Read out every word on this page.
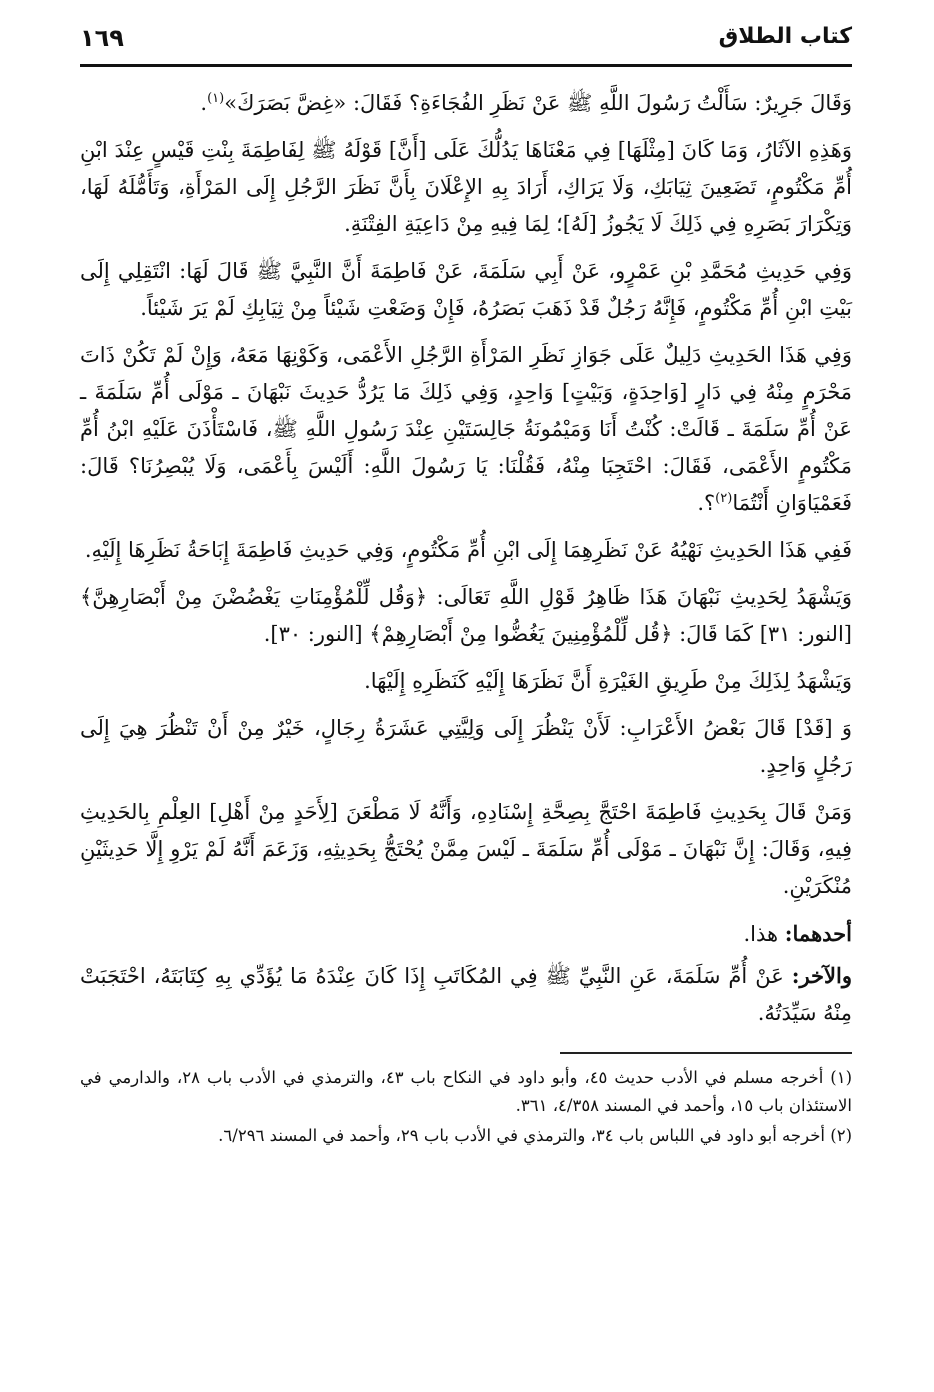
كتاب الطلاق
١٦٩

وَقَالَ جَرِيرٌ: سَأَلْتُ رَسُولَ اللَّهِ ﷺ عَنْ نَظَرِ الفُجَاءَةِ؟ فَقَالَ: «غِضَّ بَصَرَكَ»$^{(١)}$.

وَهَذِهِ الآثَارُ، وَمَا كَانَ [مِثْلَهَا] فِي مَعْنَاهَا يَدُلُّكَ عَلَى [أَنَّ] قَوْلَهُ ﷺ لِفَاطِمَةَ بِنْتِ قَيْسٍ عِنْدَ ابْنِ أُمِّ مَكْتُومٍ، تَضَعِينَ ثِيَابَكِ، وَلَا يَرَاكِ، أَرَادَ بِهِ الإِعْلَانَ بِأَنَّ نَظَرَ الرَّجُلِ إِلَى المَرْأَةِ، وَتَأَمُّلَهُ لَهَا، وَتِكْرَارَ بَصَرِهِ فِي ذَلِكَ لَا يَجُوزُ [لَهُ]؛ لِمَا فِيهِ مِنْ دَاعِيَةِ الفِتْنَةِ.

وَفِي حَدِيثِ مُحَمَّدِ بْنِ عَمْرٍو، عَنْ أَبِي سَلَمَةَ، عَنْ فَاطِمَةَ أَنَّ النَّبِيَّ ﷺ قَالَ لَهَا: انْتَقِلِي إِلَى بَيْتِ ابْنِ أُمِّ مَكْتُومٍ، فَإِنَّهُ رَجُلٌ قَدْ ذَهَبَ بَصَرُهُ، فَإِنْ وَضَعْتِ شَيْئاً مِنْ ثِيَابِكِ لَمْ يَرَ شَيْئاً.

وَفِي هَذَا الحَدِيثِ دَلِيلٌ عَلَى جَوَازِ نَظَرِ المَرْأَةِ الرَّجُلِ الأَعْمَى، وَكَوْنِهَا مَعَهُ، وَإِنْ لَمْ تَكُنْ ذَاتَ مَحْرَمٍ مِنْهُ فِي دَارٍ [وَاحِدَةٍ، وَبَيْتٍ] وَاحِدٍ، وَفِي ذَلِكَ مَا يَرُدُّ حَدِيثَ نَبْهَانَ ـ مَوْلَى أُمِّ سَلَمَةَ ـ عَنْ أُمِّ سَلَمَةَ ـ قَالَتْ: كُنْتُ أَنَا وَمَيْمُونَةُ جَالِسَتَيْنِ عِنْدَ رَسُولِ اللَّهِ ﷺ، فَاسْتَأْذَنَ عَلَيْهِ ابْنُ أُمِّ مَكْتُومٍ الأَعْمَى، فَقَالَ: احْتَجِبَا مِنْهُ، فَقُلْنَا: يَا رَسُولَ اللَّهِ: أَلَيْسَ بِأَعْمَى، وَلَا يُبْصِرُنَا؟ قَالَ: فَعَمْيَاوَانِ أَنْتُمَا$^{(٢)}$؟.

فَفِي هَذَا الحَدِيثِ نَهْيُهُ عَنْ نَظَرِهِمَا إِلَى ابْنِ أُمِّ مَكْتُومٍ، وَفِي حَدِيثِ فَاطِمَةَ إِبَاحَةُ نَظَرِهَا إِلَيْهِ.

وَيَشْهَدُ لِحَدِيثِ نَبْهَانَ هَذَا ظَاهِرُ قَوْلِ اللَّهِ تَعَالَى: ﴿وَقُل لِّلْمُؤْمِنَاتِ يَغْضُضْنَ مِنْ أَبْصَارِهِنَّ﴾ [النور: ٣١] كَمَا قَالَ: ﴿قُل لِّلْمُؤْمِنِينَ يَغُضُّوا مِنْ أَبْصَارِهِمْ﴾ [النور: ٣٠].

وَيَشْهَدُ لِذَلِكَ مِنْ طَرِيقِ الغَيْرَةِ أَنَّ نَظَرَهَا إِلَيْهِ كَنَظَرِهِ إِلَيْهَا.

وَ [قَدْ] قَالَ بَعْضُ الأَعْرَابِ: لَأَنْ يَنْظُرَ إِلَى وَلِيَّتِي عَشَرَةُ رِجَالٍ، خَيْرٌ مِنْ أَنْ تَنْظُرَ هِيَ إِلَى رَجُلٍ وَاحِدٍ.

وَمَنْ قَالَ بِحَدِيثِ فَاطِمَةَ احْتَجَّ بِصِحَّةِ إِسْنَادِهِ، وَأَنَّهُ لَا مَطْعَنَ [لِأَحَدٍ مِنْ أَهْلِ] العِلْمِ بِالحَدِيثِ فِيهِ، وَقَالَ: إِنَّ نَبْهَانَ ـ مَوْلَى أُمِّ سَلَمَةَ ـ لَيْسَ مِمَّنْ يُحْتَجُّ بِحَدِيثِهِ، وَزَعَمَ أَنَّهُ لَمْ يَرْوِ إِلَّا حَدِيثَيْنِ مُنْكَرَيْنِ.

أحدهما: هذا.

والآخر: عَنْ أُمِّ سَلَمَةَ، عَنِ النَّبِيِّ ﷺ فِي المُكَاتَبِ إِذَا كَانَ عِنْدَهُ مَا يُؤَدِّي بِهِ كِتَابَتَهُ، احْتَجَبَتْ مِنْهُ سَيِّدَتُهُ.

(١) أخرجه مسلم في الأدب حديث ٤٥، وأبو داود في النكاح باب ٤٣، والترمذي في الأدب باب ٢٨، والدارمي في الاستئذان باب ١٥، وأحمد في المسند ٤/٣٥٨، ٣٦١.

(٢) أخرجه أبو داود في اللباس باب ٣٤، والترمذي في الأدب باب ٢٩، وأحمد في المسند ٦/٢٩٦.
